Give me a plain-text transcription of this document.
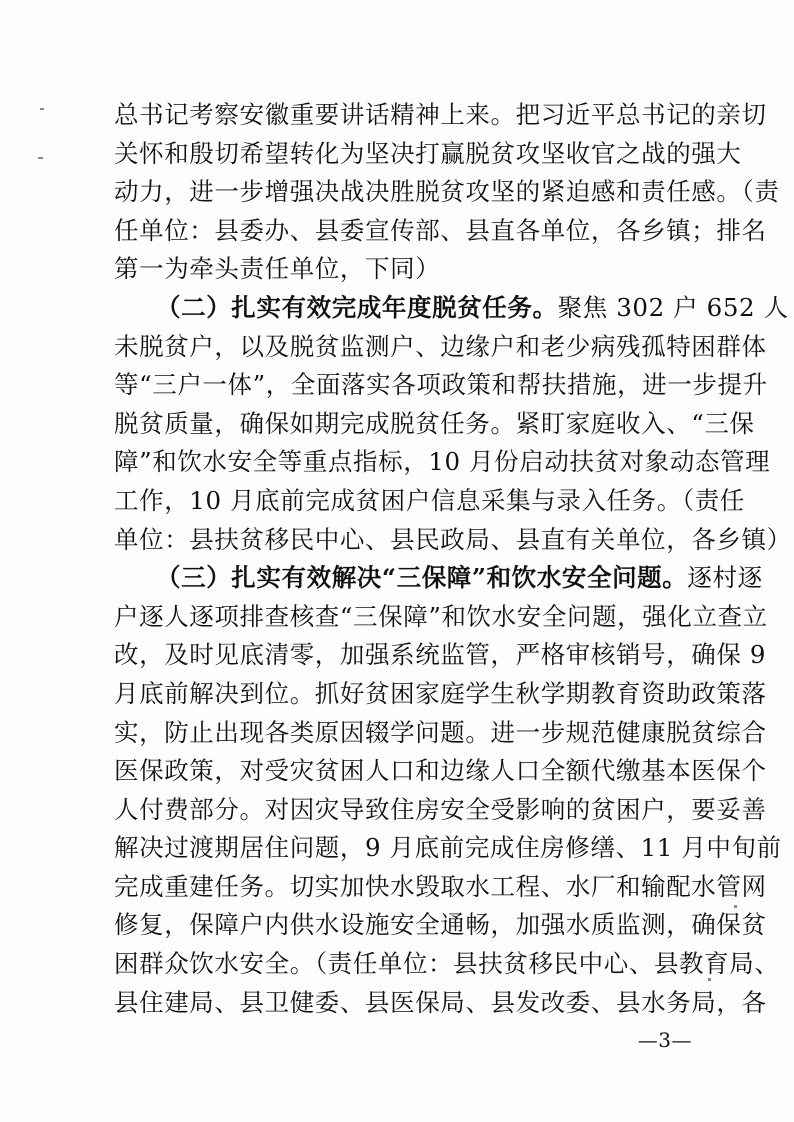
总书记考察安徽重要讲话精神上来。把习近平总书记的亲切
关怀和殷切希望转化为坚决打赢脱贫攻坚收官之战的强大
动力，进一步增强决战决胜脱贫攻坚的紧迫感和责任感。（责
任单位：县委办、县委宣传部、县直各单位，各乡镇；排名
第一为牵头责任单位，下同）
（二）扎实有效完成年度脱贫任务。聚焦 302 户 652 人
未脱贫户，以及脱贫监测户、边缘户和老少病残孤特困群体
等“三户一体”，全面落实各项政策和帮扶措施，进一步提升
脱贫质量，确保如期完成脱贫任务。紧盯家庭收入、“三保
障”和饮水安全等重点指标，10 月份启动扶贫对象动态管理
工作，10 月底前完成贫困户信息采集与录入任务。（责任
单位：县扶贫移民中心、县民政局、县直有关单位，各乡镇）
（三）扎实有效解决“三保障”和饮水安全问题。逐村逐
户逐人逐项排查核查“三保障”和饮水安全问题，强化立查立
改，及时见底清零，加强系统监管，严格审核销号，确保 9
月底前解决到位。抓好贫困家庭学生秋学期教育资助政策落
实，防止出现各类原因辍学问题。进一步规范健康脱贫综合
医保政策，对受灾贫困人口和边缘人口全额代缴基本医保个
人付费部分。对因灾导致住房安全受影响的贫困户，要妥善
解决过渡期居住问题，9 月底前完成住房修缮、11 月中旬前
完成重建任务。切实加快水毁取水工程、水厂和输配水管网
修复，保障户内供水设施安全通畅，加强水质监测，确保贫
困群众饮水安全。（责任单位：县扶贫移民中心、县教育局、
县住建局、县卫健委、县医保局、县发改委、县水务局，各
—3—
